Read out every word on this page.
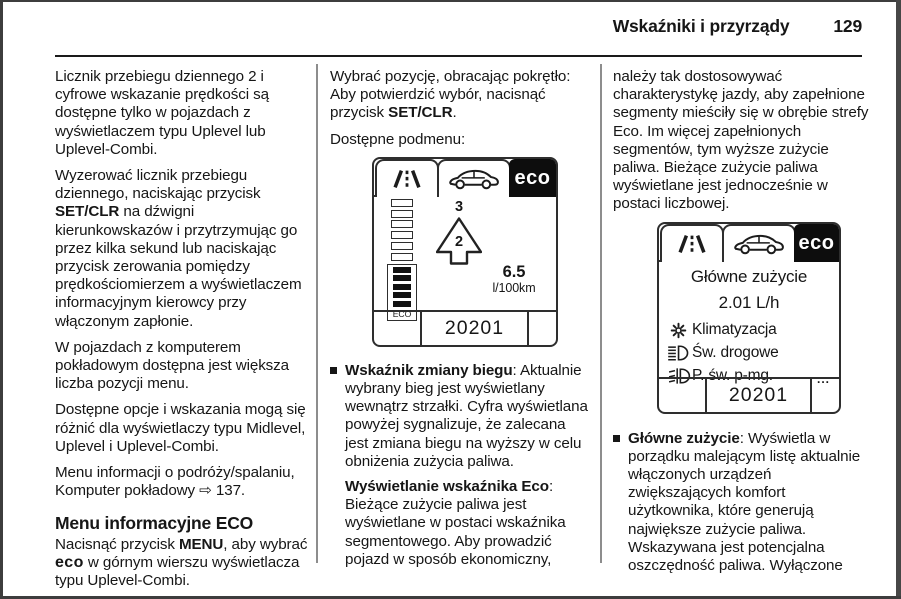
Wskaźniki i przyrządy	129

Licznik przebiegu dziennego 2 i cyfrowe wskazanie prędkości są dostępne tylko w pojazdach z wyświetlaczem typu Uplevel lub Uplevel-Combi.

Wyzerować licznik przebiegu dziennego, naciskając przycisk SET/CLR na dźwigni kierunkowskazów i przytrzymując go przez kilka sekund lub naciskając przycisk zerowania pomiędzy prędkościomierzem a wyświetlaczem informacyjnym kierowcy przy włączonym zapłonie.

W pojazdach z komputerem pokładowym dostępna jest większa liczba pozycji menu.

Dostępne opcje i wskazania mogą się różnić dla wyświetlaczy typu Midlevel, Uplevel i Uplevel-Combi.

Menu informacji o podróży/spalaniu, Komputer pokładowy ⇨ 137.

Menu informacyjne ECO

Nacisnąć przycisk MENU, aby wybrać eco w górnym wierszu wyświetlacza typu Uplevel-Combi.

Wybrać pozycję, obracając pokrętło: Aby potwierdzić wybór, nacisnąć przycisk SET/CLR.

Dostępne podmenu:

eco
ECO
3
2
6.5
l/100km
20201
Wskaźnik zmiany biegu: Aktualnie wybrany bieg jest wyświetlany wewnątrz strzałki. Cyfra wyświetlana powyżej sygnalizuje, że zalecana jest zmiana biegu na wyższy w celu obniżenia zużycia paliwa.

Wyświetlanie wskaźnika Eco: Bieżące zużycie paliwa jest wyświetlane w postaci wskaźnika segmentowego. Aby prowadzić pojazd w sposób ekonomiczny,

należy tak dostosowywać charakterystykę jazdy, aby zapełnione segmenty mieściły się w obrębie strefy Eco. Im więcej zapełnionych segmentów, tym wyższe zużycie paliwa. Bieżące zużycie paliwa wyświetlane jest jednocześnie w postaci liczbowej.

eco
Główne zużycie
2.01 L/h
Klimatyzacja
Św. drogowe
P. św. p-mg.	...
20201
Główne zużycie: Wyświetla w porządku malejącym listę aktualnie włączonych urządzeń zwiększających komfort użytkownika, które generują największe zużycie paliwa. Wskazywana jest potencjalna oszczędność paliwa. Wyłączone
